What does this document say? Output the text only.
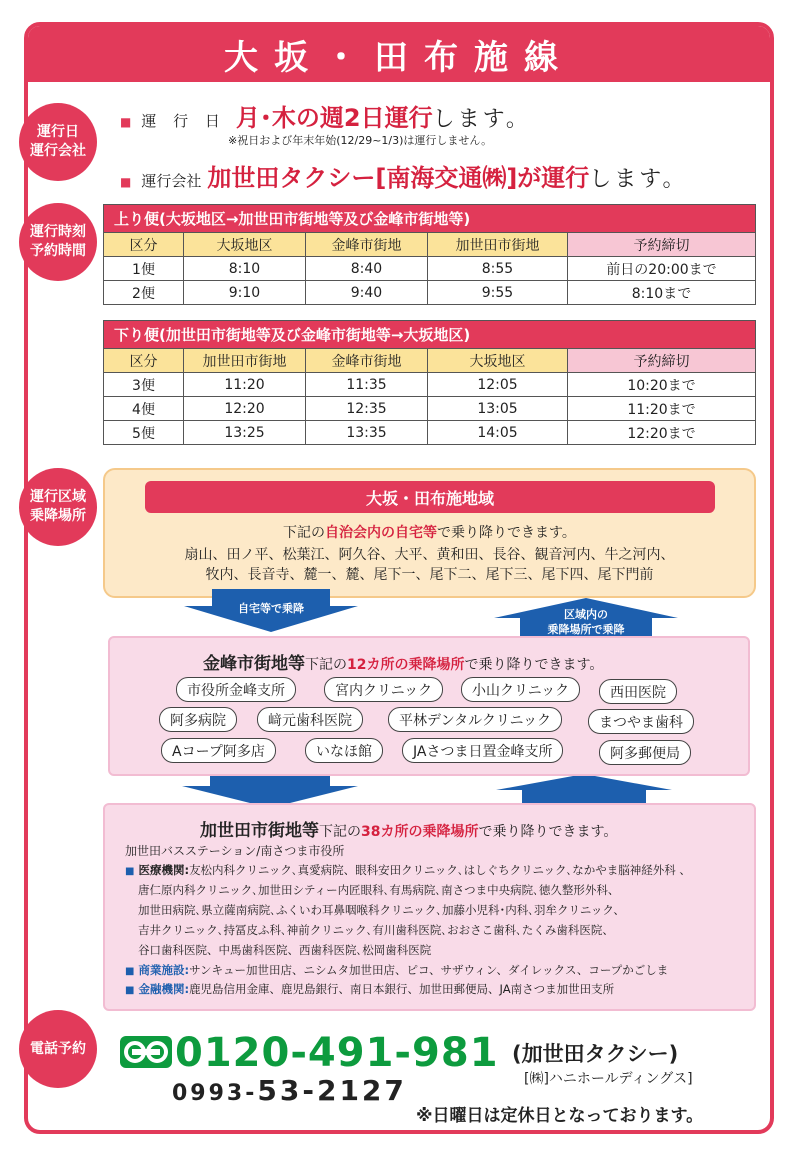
大坂・田布施線
運行日
運行会社
運行時刻
予約時間
運行区域
乗降場所
電話予約
■ 運 行 日 月･木の週2日運行 します。
※祝日および年末年始(12/29~1/3)は運行しません。
■ 運行会社 加世田タクシー[南海交通㈱]が運行 します。
上り便(大坂地区→加世田市街地等及び金峰市街地等)				
区分	大坂地区	金峰市街地	加世田市街地	予約締切
1便	8:10	8:40	8:55	前日の20:00まで
2便	9:10	9:40	9:55	8:10まで
下り便(加世田市街地等及び金峰市街地等→大坂地区)				
区分	加世田市街地	金峰市街地	大坂地区	予約締切
3便	11:20	11:35	12:05	10:20まで
4便	12:20	12:35	13:05	11:20まで
5便	13:25	13:35	14:05	12:20まで
大坂・田布施地域
下記の自治会内の自宅等で乗り降りできます。
扇山、田ノ平、松葉江、阿久谷、大平、黄和田、長谷、観音河内、牛之河内、
牧内、長音寺、麓一、麓、尾下一、尾下二、尾下三、尾下四、尾下門前
自宅等で乗降	区域内の
乗降場所で乗降
金峰市街地等下記の12カ所の乗降場所で乗り降りできます。
市役所金峰支所	宮内クリニック	小山クリニック	西田医院
阿多病院	﨑元歯科医院	平林デンタルクリニック	まつやま歯科
Aコープ阿多店	いなほ館	JAさつま日置金峰支所	阿多郵便局
加世田市街地等下記の38カ所の乗降場所で乗り降りできます。
加世田バスステーション/南さつま市役所
■ 医療機関:友松内科クリニック､真愛病院、眼科安田クリニック､はしぐちクリニック､なかやま脳神経外科 、
唐仁原内科クリニック､加世田シティー内匠眼科､有馬病院､南さつま中央病院､徳久整形外科、
加世田病院､県立薩南病院､ふくいわ耳鼻咽喉科クリニック､加藤小児科･内科､羽牟クリニック、
吉井クリニック､持冨皮ふ科､神前クリニック､有川歯科医院､おおさこ歯科､たくみ歯科医院、
谷口歯科医院、中馬歯科医院、西歯科医院､松岡歯科医院
■ 商業施設:サンキュー加世田店、ニシムタ加世田店、ピコ、サザウィン、ダイレックス、コープかごしま
■ 金融機関:鹿児島信用金庫、鹿児島銀行、南日本銀行、加世田郵便局、JA南さつま加世田支所
0120-491-981 (加世田タクシー)
[㈱]ハニホールディングス]
0993-53-2127
※日曜日は定休日となっております。
